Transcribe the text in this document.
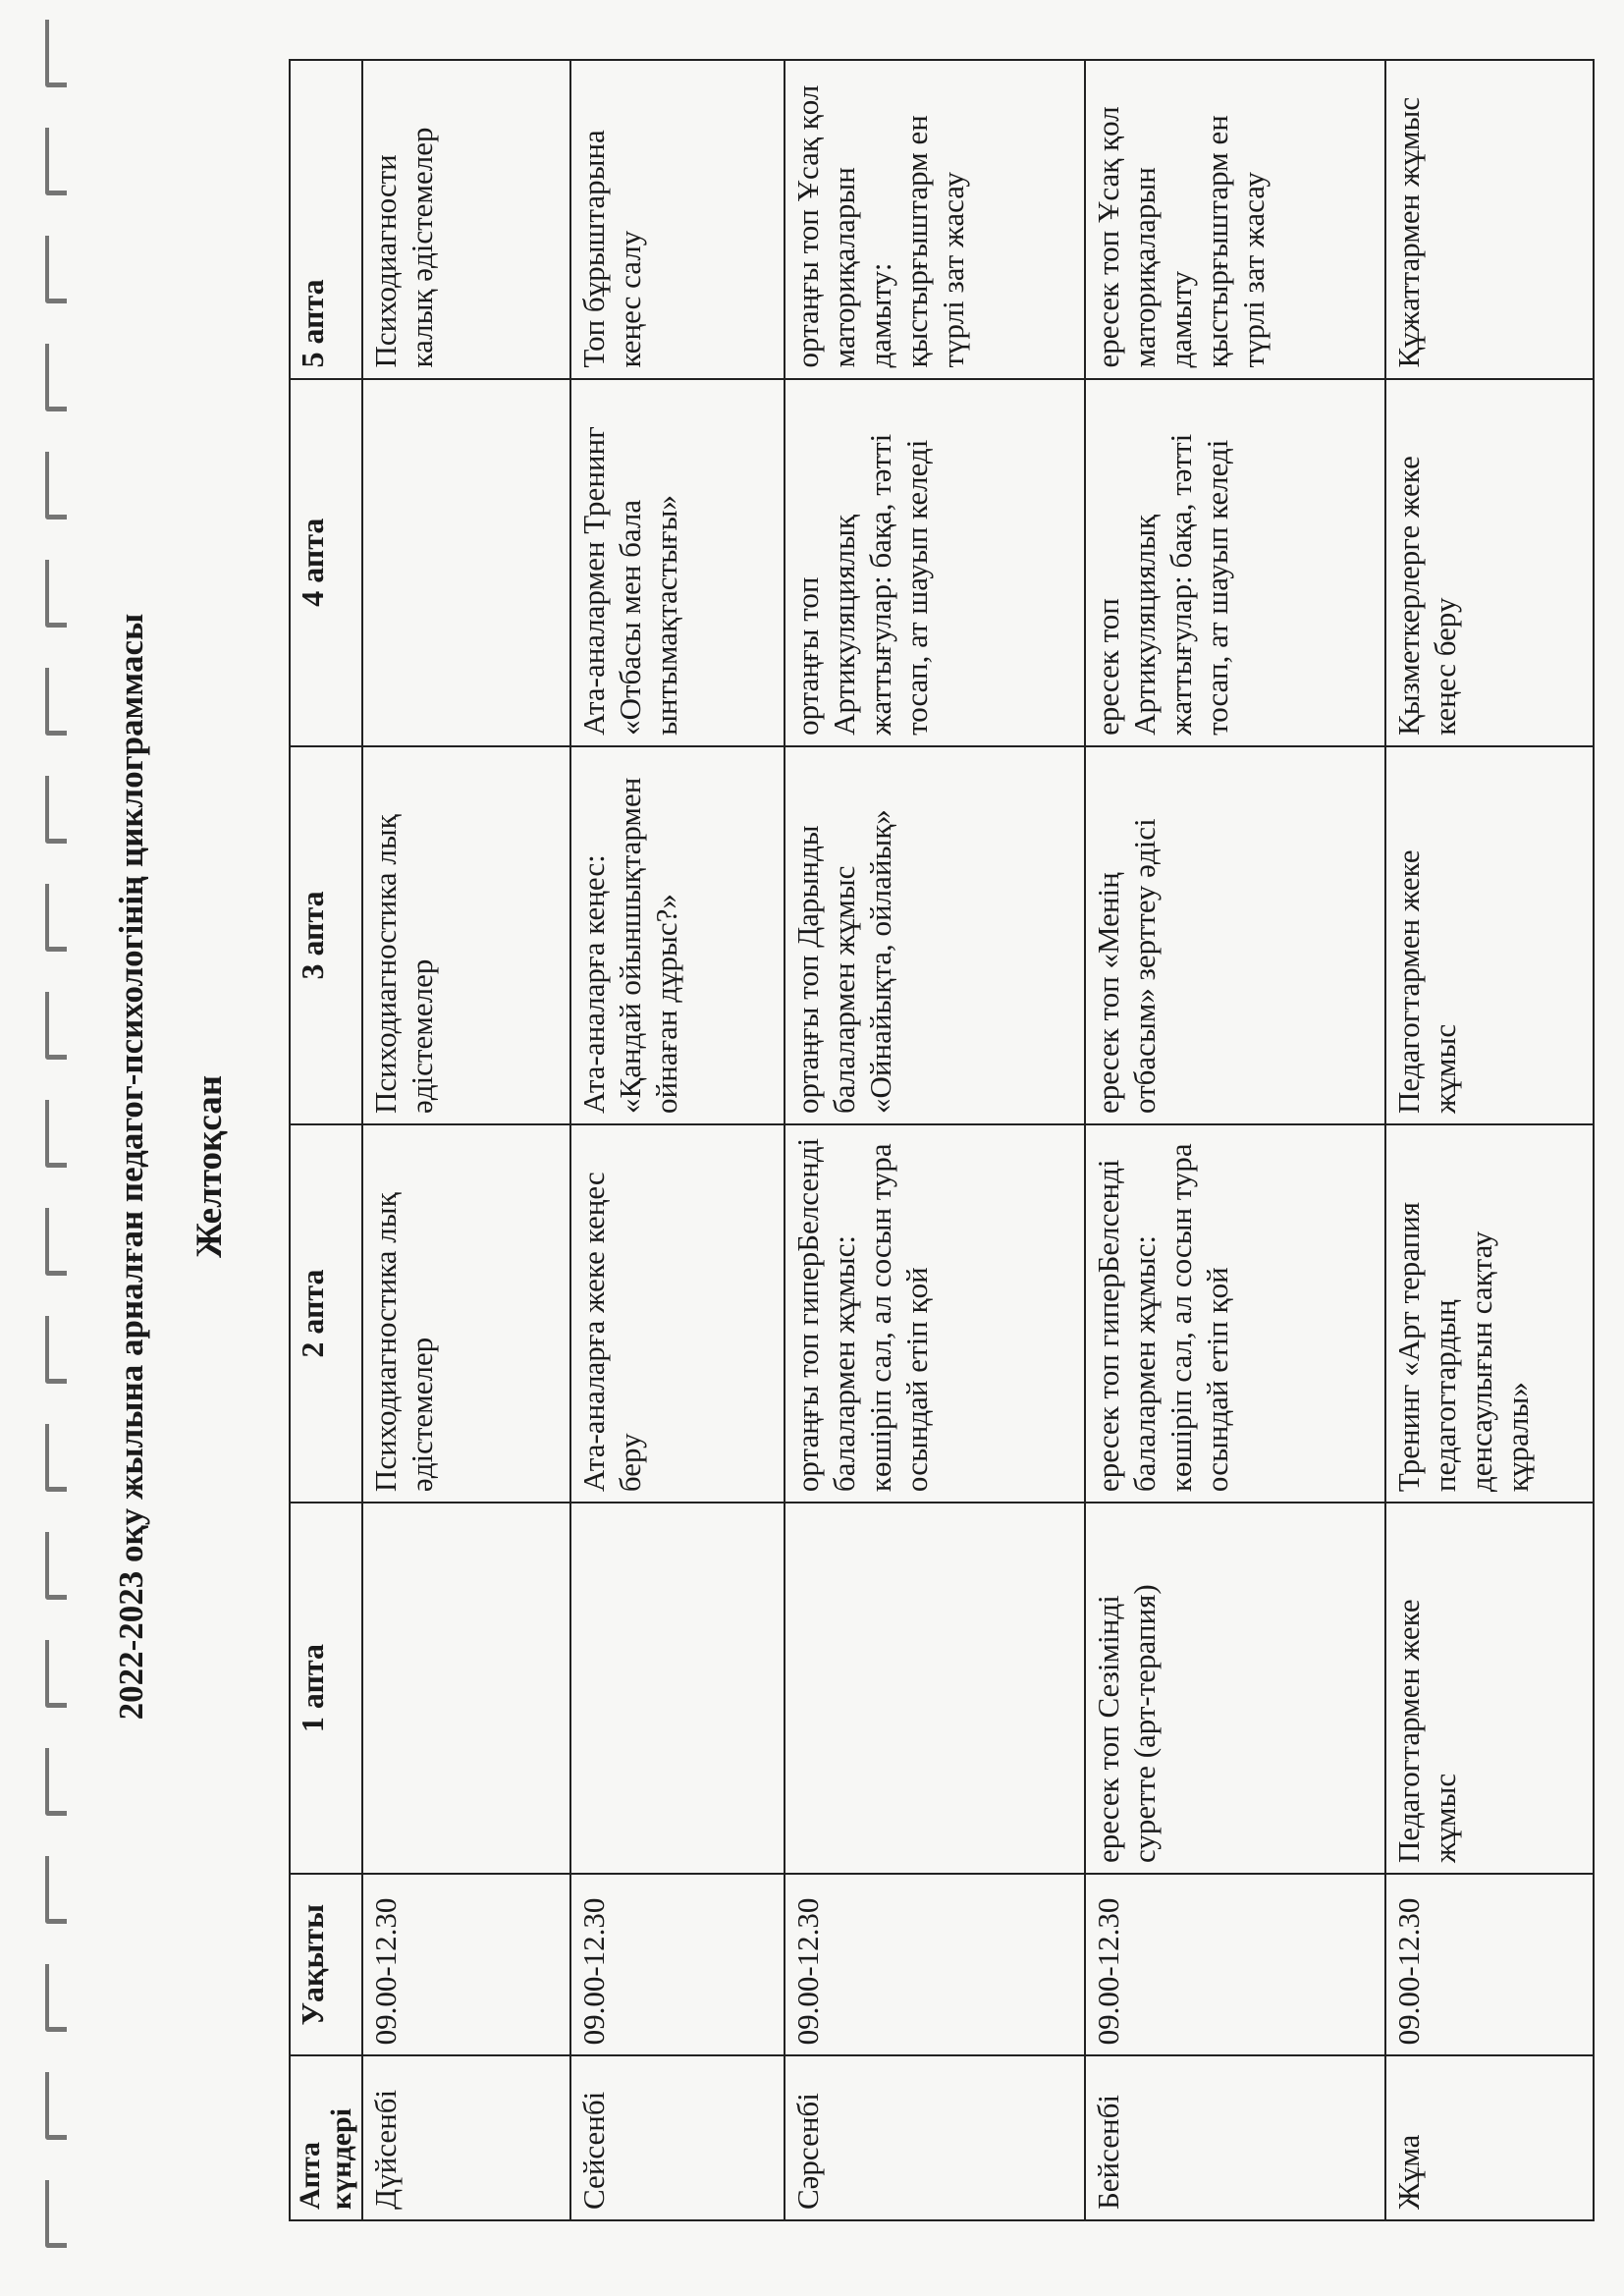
2022-2023 оқу жылына арналған педагог-психологінің циклограммасы Желтоқсан
Апта күндері	Уақыты	1 апта	2 апта	3 апта	4 апта	5 апта
Дүйсенбі	09.00-12.30		Психодиагностика лық әдістемелер	Психодиагностика лық әдістемелер		Психодиагности калық әдістемелер
Сейсенбі	09.00-12.30		Ата-аналарға жеке кеңес беру	Ата-аналарға кеңес: «Қандай ойыншықтармен ойнаған дұрыс?»	Ата-аналармен Тренинг «Отбасы мен бала ынтымақтастығы»	Топ бұрыштарына кеңес салу
Сәрсенбі	09.00-12.30		ортаңғы топ гиперБелсенді балалармен жұмыс: көшіріп сал, ал сосын тура осындай етіп қой	ортаңғы топ Дарынды балалармен жұмыс «Ойнайықта, ойлайық»	ортаңғы топ Артикуляциялық жаттығулар: бақа, тәтті тосап, ат шауып келеді	ортаңғы топ Ұсақ қол маториқаларын дамыту: қыстырғыштарм ен түрлі зат жасау
Бейсенбі	09.00-12.30	ересек топ Сезімінді суретте (арт-терапия)	ересек топ гиперБелсенді балалармен жұмыс: көшіріп сал, ал сосын тура осындай етіп қой	ересек топ «Менің отбасым» зерттеу әдісі	ересек топ Артикуляциялық жаттығулар: бақа, тәтті тосап, ат шауып келеді	ересек топ Ұсақ қол маториқаларын дамыту қыстырғыштарм ен түрлі зат жасау
Жұма	09.00-12.30	Педагогтармен жеке жұмыс	Тренинг «Арт терапия педагогтардың денсаулығын сақтау құралы»	Педагогтармен жеке жұмыс	Қызметкерлерге жеке кеңес беру	Құжаттармен жұмыс
